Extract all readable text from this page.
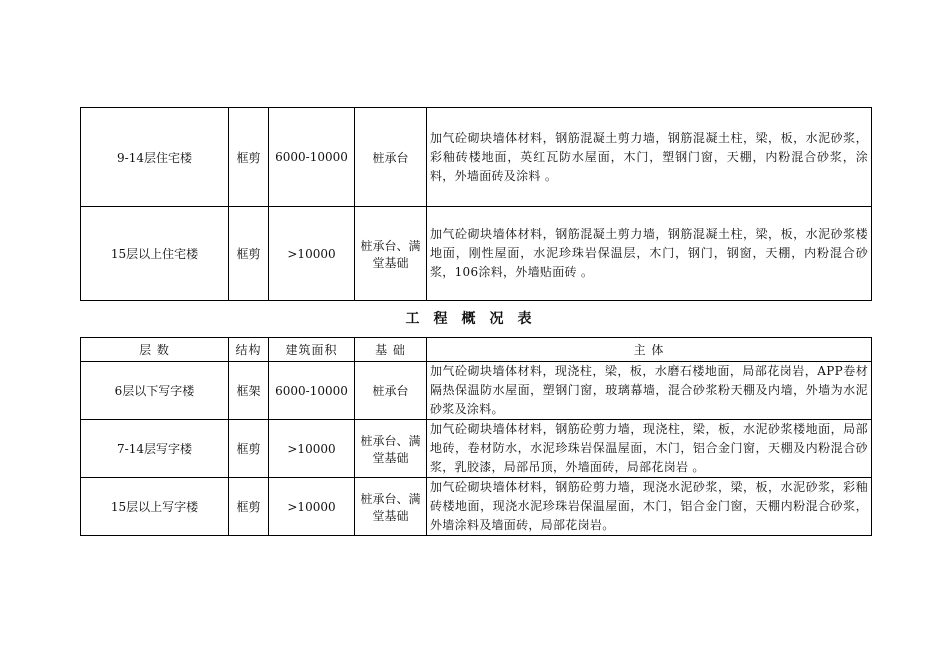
9-14层住宅楼	框剪	6000-10000	桩承台	加气砼砌块墙体材料，钢筋混凝土剪力墙，钢筋混凝土柱，梁，板，水泥砂浆，彩釉砖楼地面，英红瓦防水屋面，木门，塑钢门窗，天棚，内粉混合砂浆，涂料，外墙面砖及涂料 。
15层以上住宅楼	框剪	>10000	桩承台、满堂基础	加气砼砌块墙体材料，钢筋混凝土剪力墙，钢筋混凝土柱，梁，板，水泥砂浆楼地面，刚性屋面，水泥珍珠岩保温层，木门，钢门，钢窗，天棚，内粉混合砂浆，106涂料，外墙贴面砖 。
工程概况表
层 数	结构	建筑面积	基 础	主 体
6层以下写字楼	框架	6000-10000	桩承台	加气砼砌块墙体材料，现浇柱，梁，板，水磨石楼地面，局部花岗岩，APP卷材隔热保温防水屋面，塑钢门窗，玻璃幕墙，混合砂浆粉天棚及内墙，外墙为水泥砂浆及涂料。
7-14层写字楼	框剪	>10000	桩承台、满堂基础	加气砼砌块墙体材料，钢筋砼剪力墙，现浇柱，梁，板，水泥砂浆楼地面，局部地砖，卷材防水，水泥珍珠岩保温屋面，木门，铝合金门窗，天棚及内粉混合砂浆，乳胶漆，局部吊顶，外墙面砖，局部花岗岩 。
15层以上写字楼	框剪	>10000	桩承台、满堂基础	加气砼砌块墙体材料，钢筋砼剪力墙，现浇水泥砂浆，梁，板，水泥砂浆，彩釉砖楼地面，现浇水泥珍珠岩保温屋面，木门，铝合金门窗，天棚内粉混合砂浆，外墙涂料及墙面砖，局部花岗岩。
